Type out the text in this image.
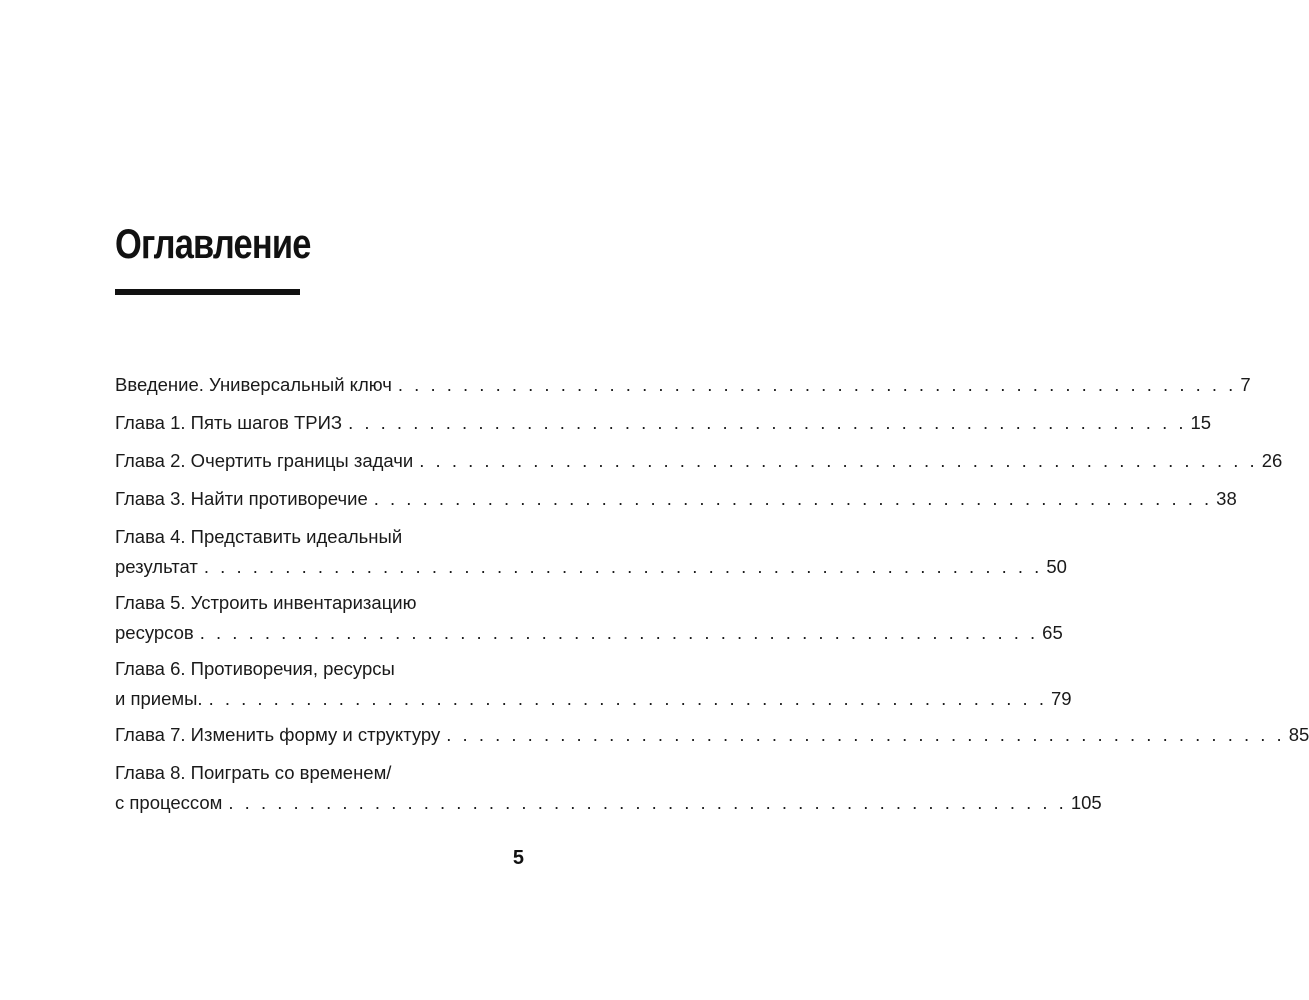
Оглавление
Введение. Универсальный ключ . . . . . . . . . . . . . . . . . . . . . . . . . . . . . . . . . . . . . . . . . . . . . . . . . . . . 7
Глава 1. Пять шагов ТРИЗ . . . . . . . . . . . . . . . . . . . . . . . . . . . . . . . . . . . . . . . . . . . . . . . . . . . . 15
Глава 2. Очертить границы задачи . . . . . . . . . . . . . . . . . . . . . . . . . . . . . . . . . . . . . . . . . . . . . . . . . . . . 26
Глава 3. Найти противоречие . . . . . . . . . . . . . . . . . . . . . . . . . . . . . . . . . . . . . . . . . . . . . . . . . . . . 38
Глава 4. Представить идеальный
результат . . . . . . . . . . . . . . . . . . . . . . . . . . . . . . . . . . . . . . . . . . . . . . . . . . . . 50
Глава 5. Устроить инвентаризацию
ресурсов . . . . . . . . . . . . . . . . . . . . . . . . . . . . . . . . . . . . . . . . . . . . . . . . . . . . 65
Глава 6. Противоречия, ресурсы
и приемы. . . . . . . . . . . . . . . . . . . . . . . . . . . . . . . . . . . . . . . . . . . . . . . . . . . . . 79
Глава 7. Изменить форму и структуру . . . . . . . . . . . . . . . . . . . . . . . . . . . . . . . . . . . . . . . . . . . . . . . . . . . . 85
Глава 8. Поиграть со временем/
с процессом . . . . . . . . . . . . . . . . . . . . . . . . . . . . . . . . . . . . . . . . . . . . . . . . . . . . 105
5
